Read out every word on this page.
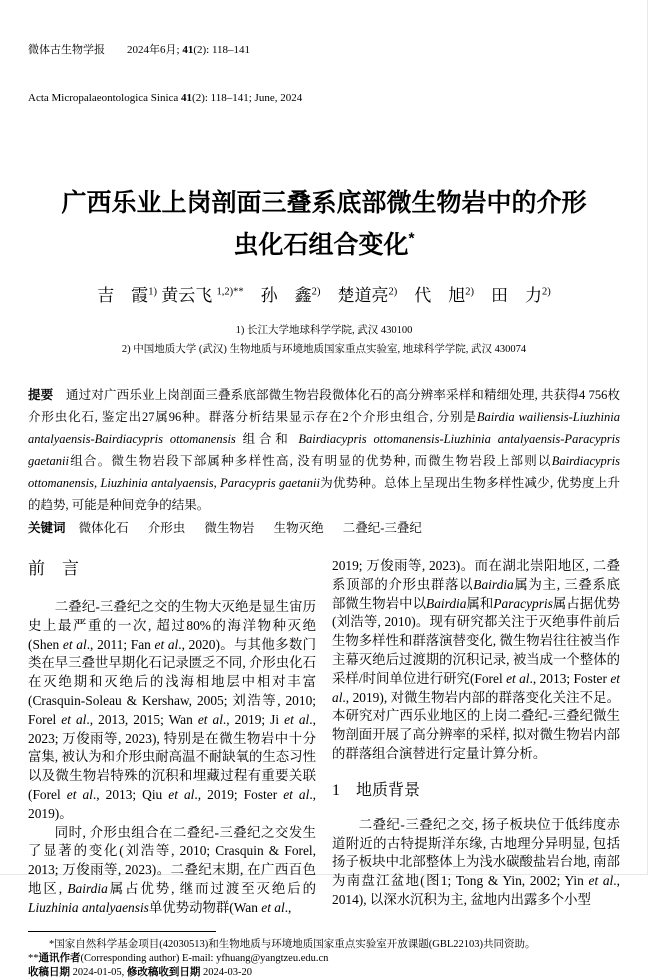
微体古生物学报　　2024年6月; 41(2): 118–141

Acta Micropalaeontologica Sinica 41(2): 118–141; June, 2024

广西乐业上岗剖面三叠系底部微生物岩中的介形
虫化石组合变化*
吉　霞$^{1)}$ 黄云飞 $^{1,2)**}$　孙　鑫$^{2)}$　楚道亮$^{2)}$　代　旭$^{2)}$　田　力$^{2)}$
1) 长江大学地球科学学院, 武汉 430100
2) 中国地质大学 (武汉) 生物地质与环境地质国家重点实验室, 地球科学学院, 武汉 430074
提要　通过对广西乐业上岗剖面三叠系底部微生物岩段微体化石的高分辨率采样和精细处理, 共获得4 756枚介形虫化石, 鉴定出27属96种。群落分析结果显示存在2个介形虫组合, 分别是Bairdia wailiensis-Liuzhinia antalyaensis-Bairdiacypris ottomanensis 组合和 Bairdiacypris ottomanensis-Liuzhinia antalyaensis-Paracypris gaetanii组合。微生物岩段下部属种多样性高, 没有明显的优势种, 而微生物岩段上部则以Bairdiacypris ottomanensis, Liuzhinia antalyaensis, Paracypris gaetanii为优势种。总体上呈现出生物多样性减少, 优势度上升的趋势, 可能是种间竞争的结果。
关键词 微体化石 介形虫 微生物岩 生物灭绝 二叠纪-三叠纪
前　言

二叠纪-三叠纪之交的生物大灭绝是显生宙历史上最严重的一次, 超过80%的海洋物种灭绝(Shen et al., 2011; Fan et al., 2020)。与其他多数门类在早三叠世早期化石记录匮乏不同, 介形虫化石在灭绝期和灭绝后的浅海相地层中相对丰富(Crasquin-Soleau & Kershaw, 2005; 刘浩等, 2010; Forel et al., 2013, 2015; Wan et al., 2019; Ji et al., 2023; 万俊雨等, 2023), 特别是在微生物岩中十分富集, 被认为和介形虫耐高温不耐缺氧的生态习性以及微生物岩特殊的沉积和埋藏过程有重要关联(Forel et al., 2013; Qiu et al., 2019; Foster et al., 2019)。

同时, 介形虫组合在二叠纪-三叠纪之交发生了显著的变化(刘浩等, 2010; Crasquin & Forel, 2013; 万俊雨等, 2023)。二叠纪末期, 在广西百色地区, Bairdia属占优势, 继而过渡至灭绝后的Liuzhinia antalyaensis单优势动物群(Wan et al.,

2019; 万俊雨等, 2023)。而在湖北崇阳地区, 二叠系顶部的介形虫群落以Bairdia属为主, 三叠系底部微生物岩中以Bairdia属和Paracypris属占据优势(刘浩等, 2010)。现有研究都关注于灭绝事件前后生物多样性和群落演替变化, 微生物岩往往被当作主幕灭绝后过渡期的沉积记录, 被当成一个整体的采样/时间单位进行研究(Forel et al., 2013; Foster et al., 2019), 对微生物岩内部的群落变化关注不足。本研究对广西乐业地区的上岗二叠纪-三叠纪微生物剖面开展了高分辨率的采样, 拟对微生物岩内部的群落组合演替进行定量计算分析。

1　地质背景

二叠纪-三叠纪之交, 扬子板块位于低纬度赤道附近的古特提斯洋东缘, 古地理分异明显, 包括扬子板块中北部整体上为浅水碳酸盐岩台地, 南部为南盘江盆地(图1; Tong & Yin, 2002; Yin et al., 2014), 以深水沉积为主, 盆地内出露多个小型

*国家自然科学基金项目(42030513)和生物地质与环境地质国家重点实验室开放课题(GBL22103)共同资助。
**通讯作者(Corresponding author) E-mail: yfhuang@yangtzeu.edu.cn
收稿日期 2024-01-05, 修改稿收到日期 2024-03-20
